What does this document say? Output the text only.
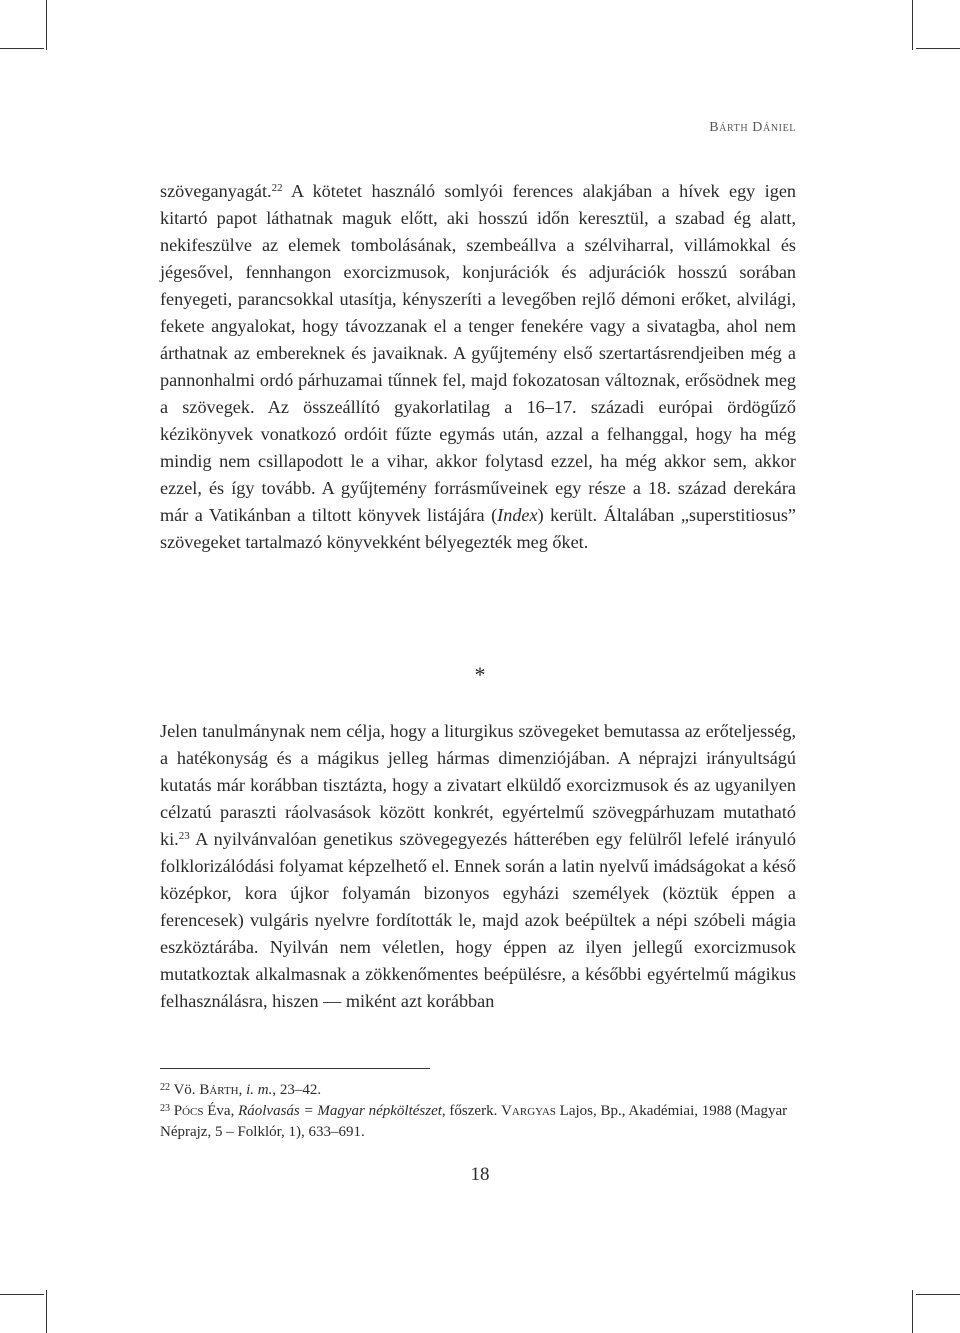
Bárth Dániel

szöveganyagát.$^{22}$ A kötetet használó somlyói ferences alakjában a hívek egy igen kitartó papot láthatnak maguk előtt, aki hosszú időn keresztül, a szabad ég alatt, nekifeszülve az elemek tombolásának, szembeállva a szélviharral, villámokkal és jégesővel, fennhangon exorcizmusok, konjurációk és adjurációk hosszú sorában fenyegeti, parancsokkal utasítja, kényszeríti a levegőben rejlő démoni erőket, alvilági, fekete angyalokat, hogy távozzanak el a tenger fenekére vagy a sivatagba, ahol nem árthatnak az embereknek és javaiknak. A gyűjtemény első szertartásrendjeiben még a pannonhalmi ordó párhuzamai tűnnek fel, majd fokozatosan változnak, erősödnek meg a szövegek. Az összeállító gyakorlatilag a 16–17. századi európai ördögűző kézikönyvek vonatkozó ordóit fűzte egymás után, azzal a felhanggal, hogy ha még mindig nem csillapodott le a vihar, akkor folytasd ezzel, ha még akkor sem, akkor ezzel, és így tovább. A gyűjtemény forrásműveinek egy része a 18. század derekára már a Vatikánban a tiltott könyvek listájára (Index) került. Általában „superstitiosus” szövegeket tartalmazó könyvekként bélyegezték meg őket.

*

Jelen tanulmánynak nem célja, hogy a liturgikus szövegeket bemutassa az erőteljesség, a hatékonyság és a mágikus jelleg hármas dimenziójában. A néprajzi irányultságú kutatás már korábban tisztázta, hogy a zivatart elküldő exorcizmusok és az ugyanilyen célzatú paraszti ráolvasások között konkrét, egyértelmű szövegpárhuzam mutatható ki.$^{23}$ A nyilvánvalóan genetikus szövegegyezés hátterében egy felülről lefelé irányuló folklorizálódási folyamat képzelhető el. Ennek során a latin nyelvű imádságokat a késő középkor, kora újkor folyamán bizonyos egyházi személyek (köztük éppen a ferencesek) vulgáris nyelvre fordították le, majd azok beépültek a népi szóbeli mágia eszköztárába. Nyilván nem véletlen, hogy éppen az ilyen jellegű exorcizmusok mutatkoztak alkalmasnak a zökkenőmentes beépülésre, a későbbi egyértelmű mágikus felhasználásra, hiszen — miként azt korábban

$^{22}$ Vö. Bárth, i. m., 23–42.

$^{23}$ Pócs Éva, Ráolvasás = Magyar népköltészet, főszerk. Vargyas Lajos, Bp., Akadémiai, 1988 (Magyar Néprajz, 5 – Folklór, 1), 633–691.

18
